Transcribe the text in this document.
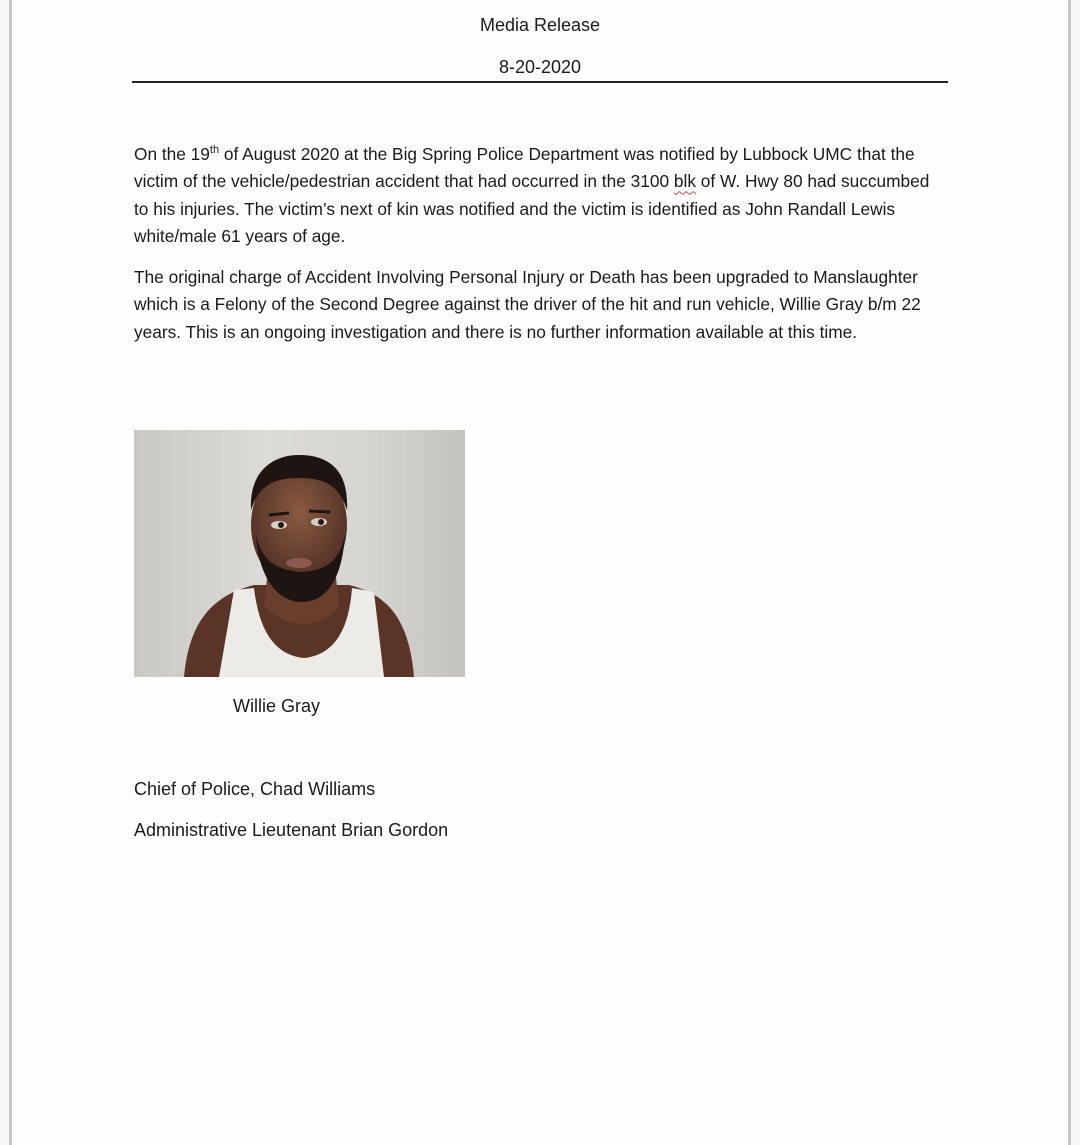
Media Release
8-20-2020
On the 19th of August 2020 at the Big Spring Police Department was notified by Lubbock UMC that the victim of the vehicle/pedestrian accident that had occurred in the 3100 blk of W. Hwy 80 had succumbed to his injuries. The victim’s next of kin was notified and the victim is identified as John Randall Lewis white/male 61 years of age.
The original charge of Accident Involving Personal Injury or Death has been upgraded to Manslaughter which is a Felony of the Second Degree against the driver of the hit and run vehicle, Willie Gray b/m 22 years. This is an ongoing investigation and there is no further information available at this time.
Willie Gray
Chief of Police, Chad Williams
Administrative Lieutenant Brian Gordon
